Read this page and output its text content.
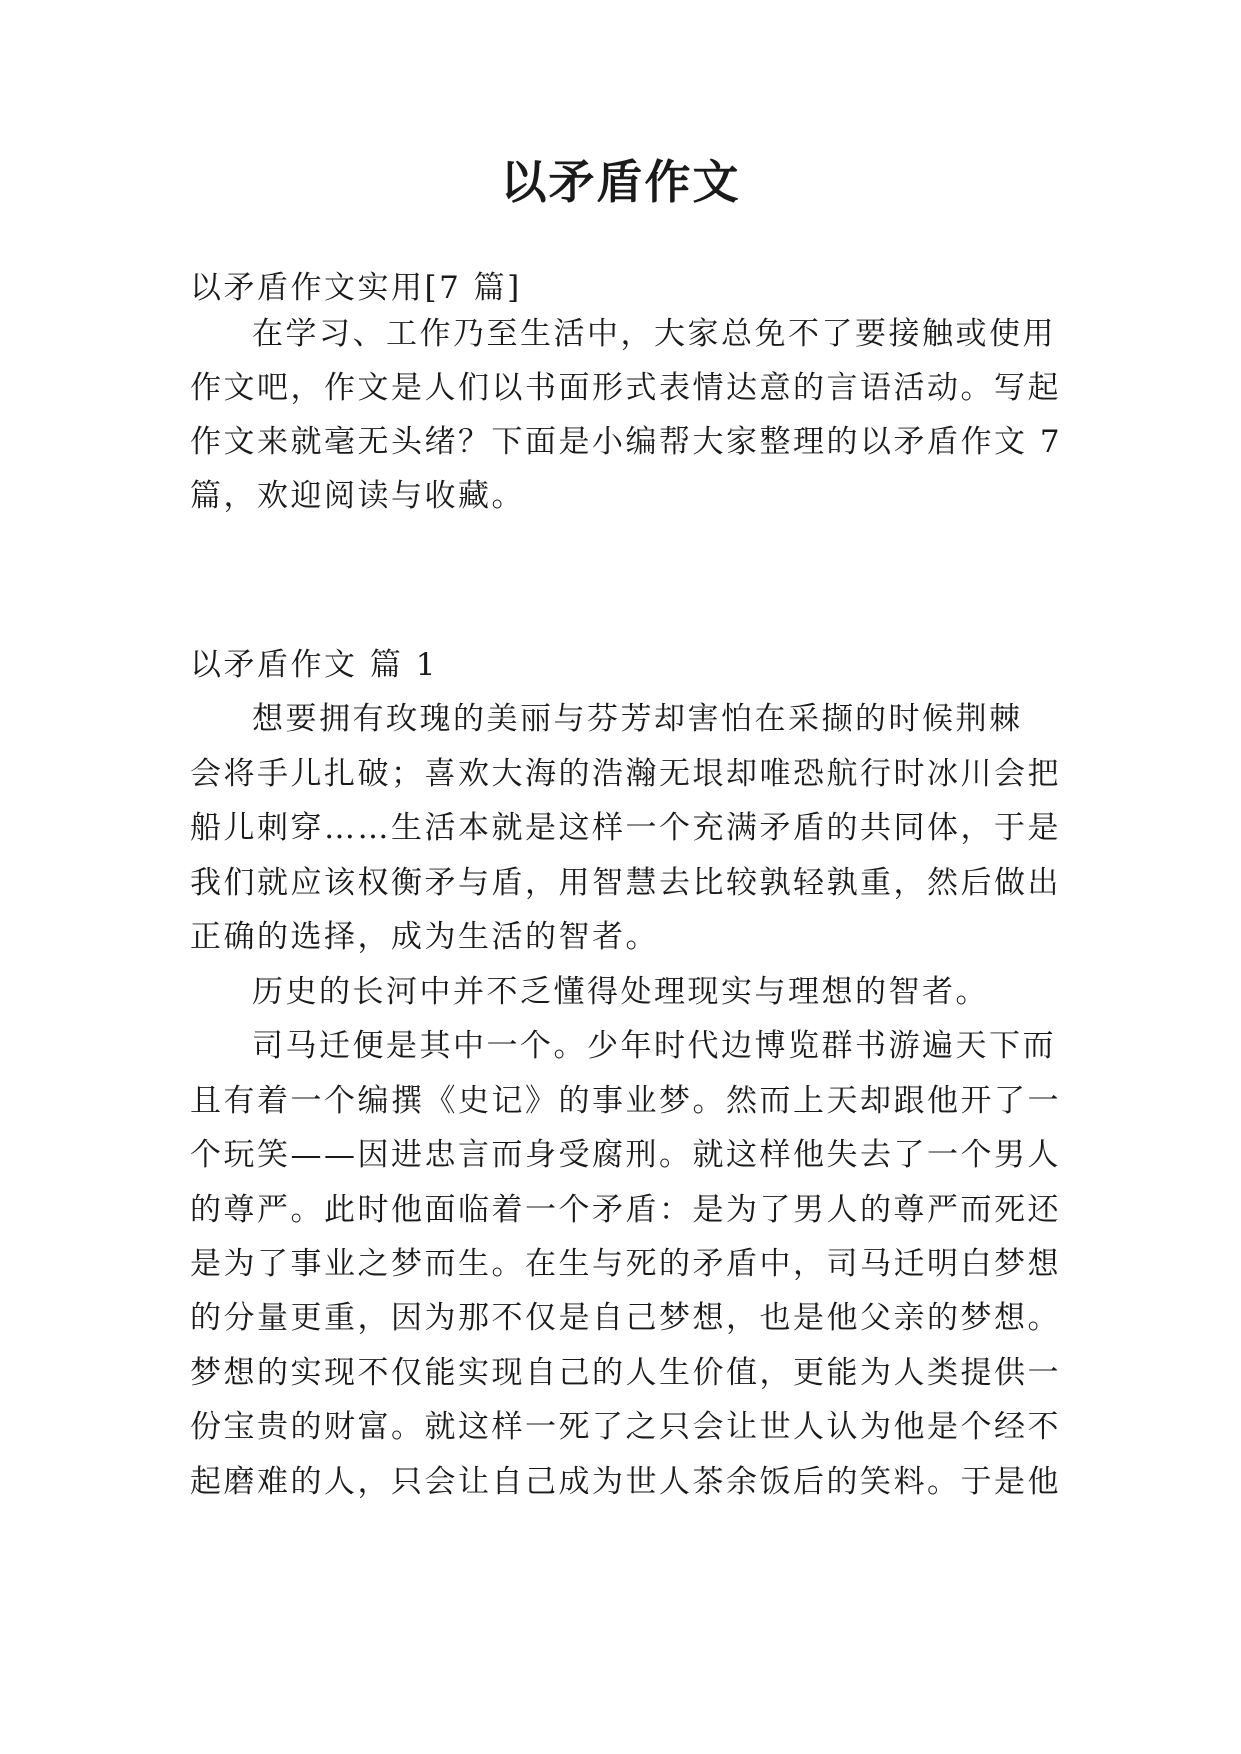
以矛盾作文
以矛盾作文实用[7 篇]
在学习、工作乃至生活中，大家总免不了要接触或使用
作文吧，作文是人们以书面形式表情达意的言语活动。写起
作文来就毫无头绪？下面是小编帮大家整理的以矛盾作文 7
篇，欢迎阅读与收藏。
以矛盾作文 篇 1
想要拥有玫瑰的美丽与芬芳却害怕在采撷的时候荆棘
会将手儿扎破；喜欢大海的浩瀚无垠却唯恐航行时冰川会把
船儿刺穿……生活本就是这样一个充满矛盾的共同体，于是
我们就应该权衡矛与盾，用智慧去比较孰轻孰重，然后做出
正确的选择，成为生活的智者。
历史的长河中并不乏懂得处理现实与理想的智者。
司马迁便是其中一个。少年时代边博览群书游遍天下而
且有着一个编撰《史记》的事业梦。然而上天却跟他开了一
个玩笑——因进忠言而身受腐刑。就这样他失去了一个男人
的尊严。此时他面临着一个矛盾：是为了男人的尊严而死还
是为了事业之梦而生。在生与死的矛盾中，司马迁明白梦想
的分量更重，因为那不仅是自己梦想，也是他父亲的梦想。
梦想的实现不仅能实现自己的人生价值，更能为人类提供一
份宝贵的财富。就这样一死了之只会让世人认为他是个经不
起磨难的人，只会让自己成为世人茶余饭后的笑料。于是他
